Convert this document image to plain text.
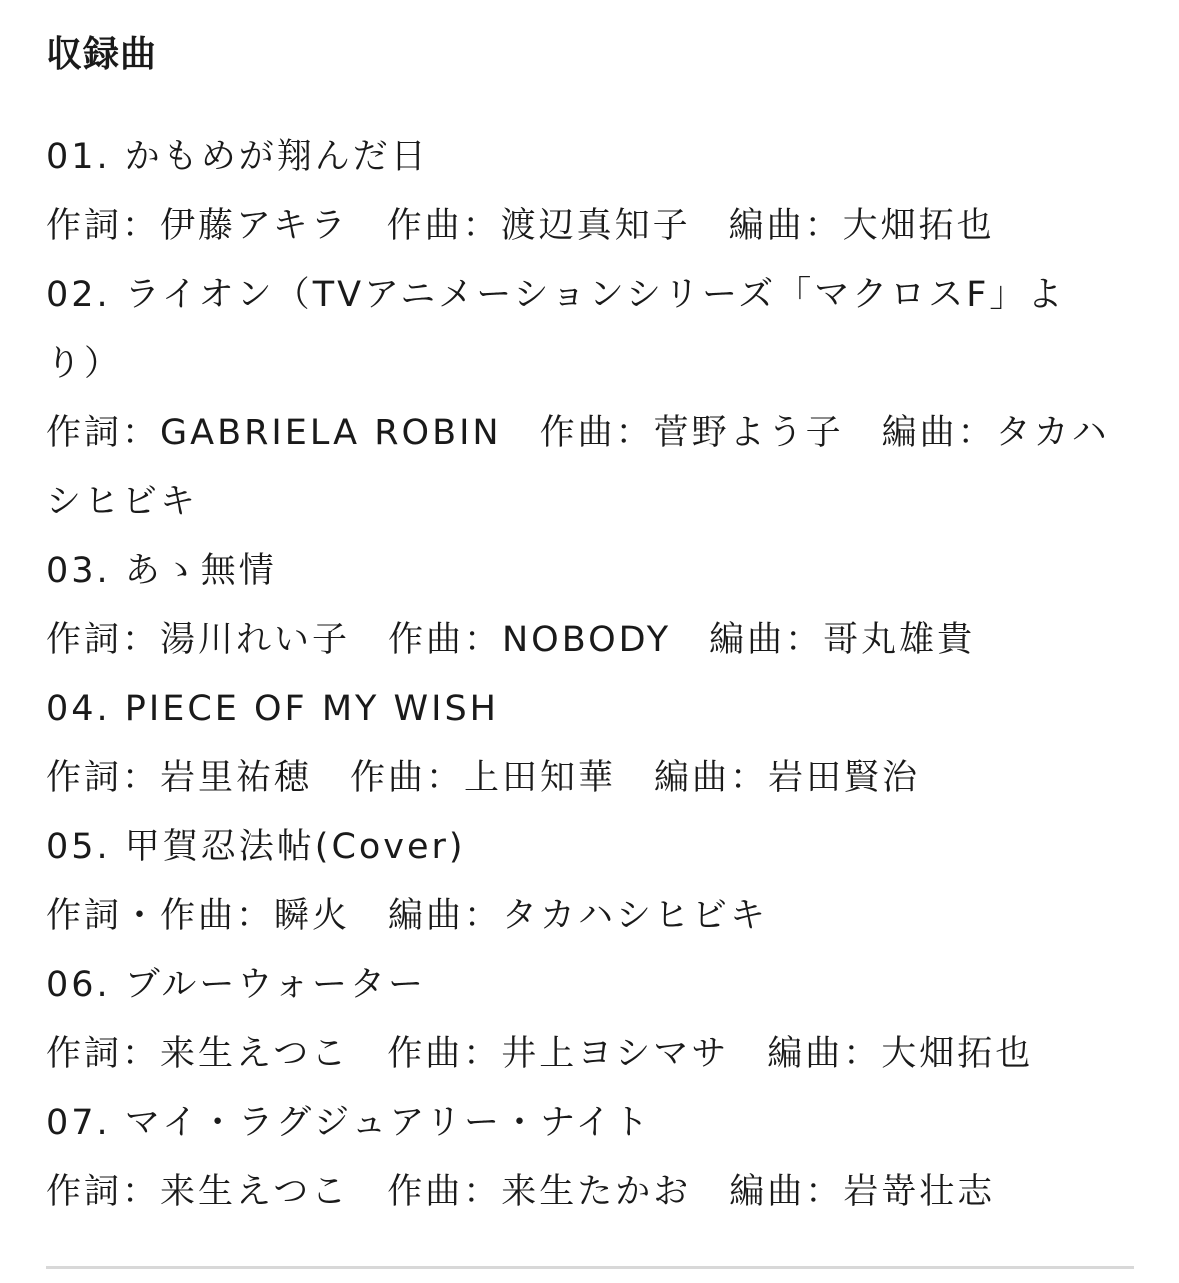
収録曲
01. かもめが翔んだ日
作詞：伊藤アキラ　作曲：渡辺真知子　編曲：大畑拓也
02. ライオン（TVアニメーションシリーズ「マクロスF」より）
作詞：GABRIELA ROBIN　作曲：菅野よう子　編曲：タカハシヒビキ
03. あゝ無情
作詞：湯川れい子　作曲：NOBODY　編曲：哥丸雄貴
04. PIECE OF MY WISH
作詞：岩里祐穂　作曲：上田知華　編曲：岩田賢治
05. 甲賀忍法帖(Cover)
作詞・作曲：瞬火　編曲：タカハシヒビキ
06. ブルーウォーター
作詞：来生えつこ　作曲：井上ヨシマサ　編曲：大畑拓也
07. マイ・ラグジュアリー・ナイト
作詞：来生えつこ　作曲：来生たかお　編曲：岩嵜壮志
